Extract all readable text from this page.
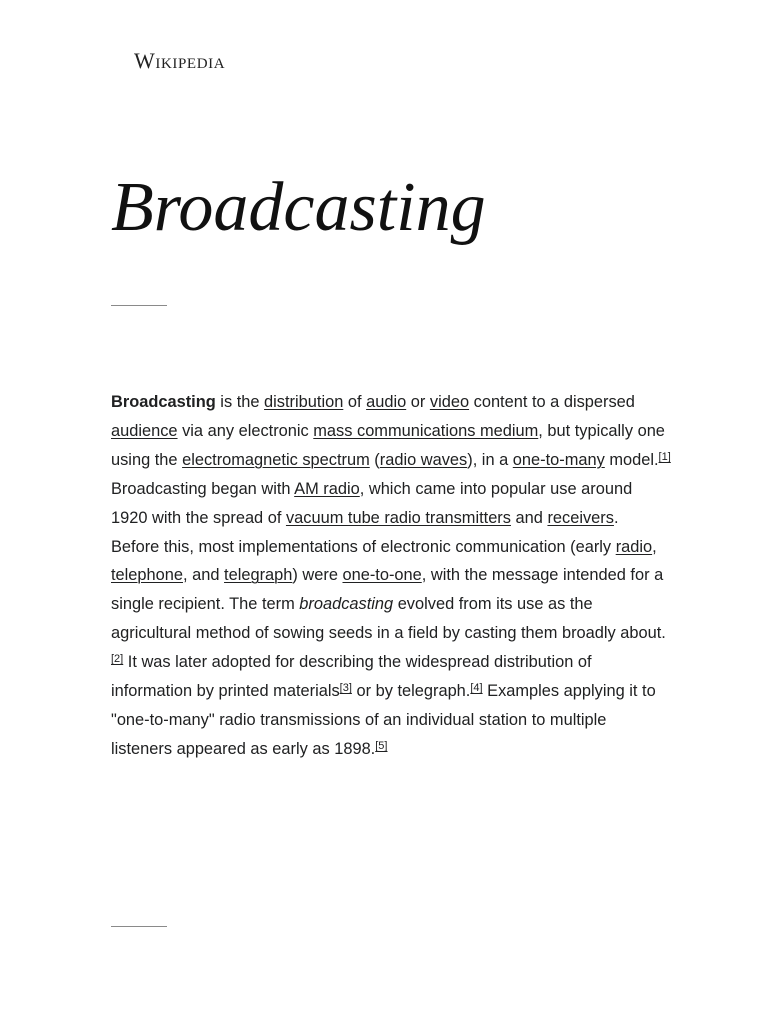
Wikipedia
Broadcasting

Broadcasting is the distribution of audio or video content to a dispersed audience via any electronic mass communications medium, but typically one using the electromagnetic spectrum (radio waves), in a one-to-many model.[1] Broadcasting began with AM radio, which came into popular use around 1920 with the spread of vacuum tube radio transmitters and receivers. Before this, most implementations of electronic communication (early radio, telephone, and telegraph) were one-to-one, with the message intended for a single recipient. The term broadcasting evolved from its use as the agricultural method of sowing seeds in a field by casting them broadly about.[2] It was later adopted for describing the widespread distribution of information by printed materials[3] or by telegraph.[4] Examples applying it to "one-to-many" radio transmissions of an individual station to multiple listeners appeared as early as 1898.[5]
